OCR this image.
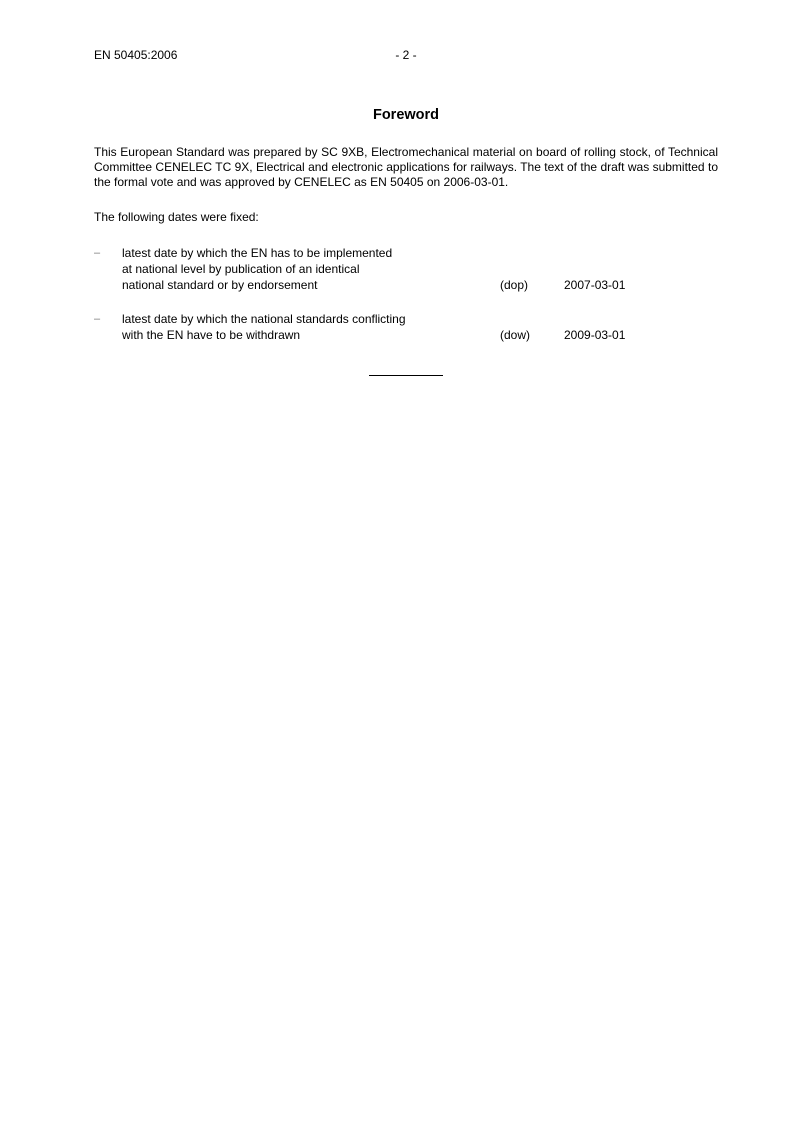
EN 50405:2006	- 2 -
Foreword

This European Standard was prepared by SC 9XB, Electromechanical material on board of rolling stock, of Technical Committee CENELEC TC 9X, Electrical and electronic applications for railways. The text of the draft was submitted to the formal vote and was approved by CENELEC as EN 50405 on 2006-03-01.

The following dates were fixed:
– latest date by which the EN has to be implemented
at national level by publication of an identical
national standard or by endorsement	(dop)	2007-03-01
– latest date by which the national standards conflicting
with the EN have to be withdrawn	(dow)	2009-03-01
